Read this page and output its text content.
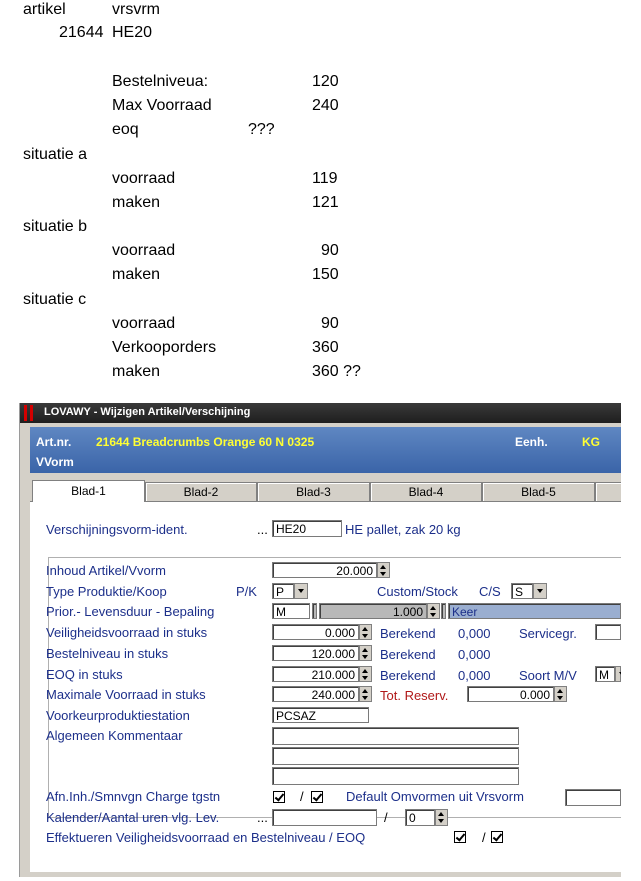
artikel	vrsvrm
21644 HE20
Bestelniveua:	120
Max Voorraad	240
eoq	???
situatie a
voorraad	119
maken	121
situatie b
voorraad	90
maken	150
situatie c
voorraad	90
Verkooporders	360
maken	360 ??
LOVAWY - Wijzigen Artikel/Verschijning
Art.nr. 21644 Breadcrumbs Orange 60 N 0325	Eenh.	KG
VVorm
Blad-1	Blad-2	Blad-3	Blad-4	Blad-5
Verschijningsvorm-ident.	... HE20	HE pallet, zak 20 kg
Inhoud Artikel/Vvorm	20.000
Type Produktie/Koop	P/K	P	Custom/Stock C/S	S
Prior.- Levensduur - Bepaling	M	1.000	Keer
Veiligheidsvoorraad in stuks	0.000	Berekend 0,000 Servicegr.
Bestelniveau in stuks	120.000	Berekend 0,000
EOQ in stuks	210.000	Berekend 0,000 Soort M/V	M
Maximale Voorraad in stuks	240.000	Tot. Reserv.	0.000
Voorkeurproduktiestation	PCSAZ
Algemeen Kommentaar
Afn.Inh./Smnvgn Charge tgstn	/	Default Omvormen uit Vrsvorm
Kalender/Aantal uren vlg. Lev.	...	/	0
Effektueren Veiligheidsvoorraad en Bestelniveau / EOQ	/
